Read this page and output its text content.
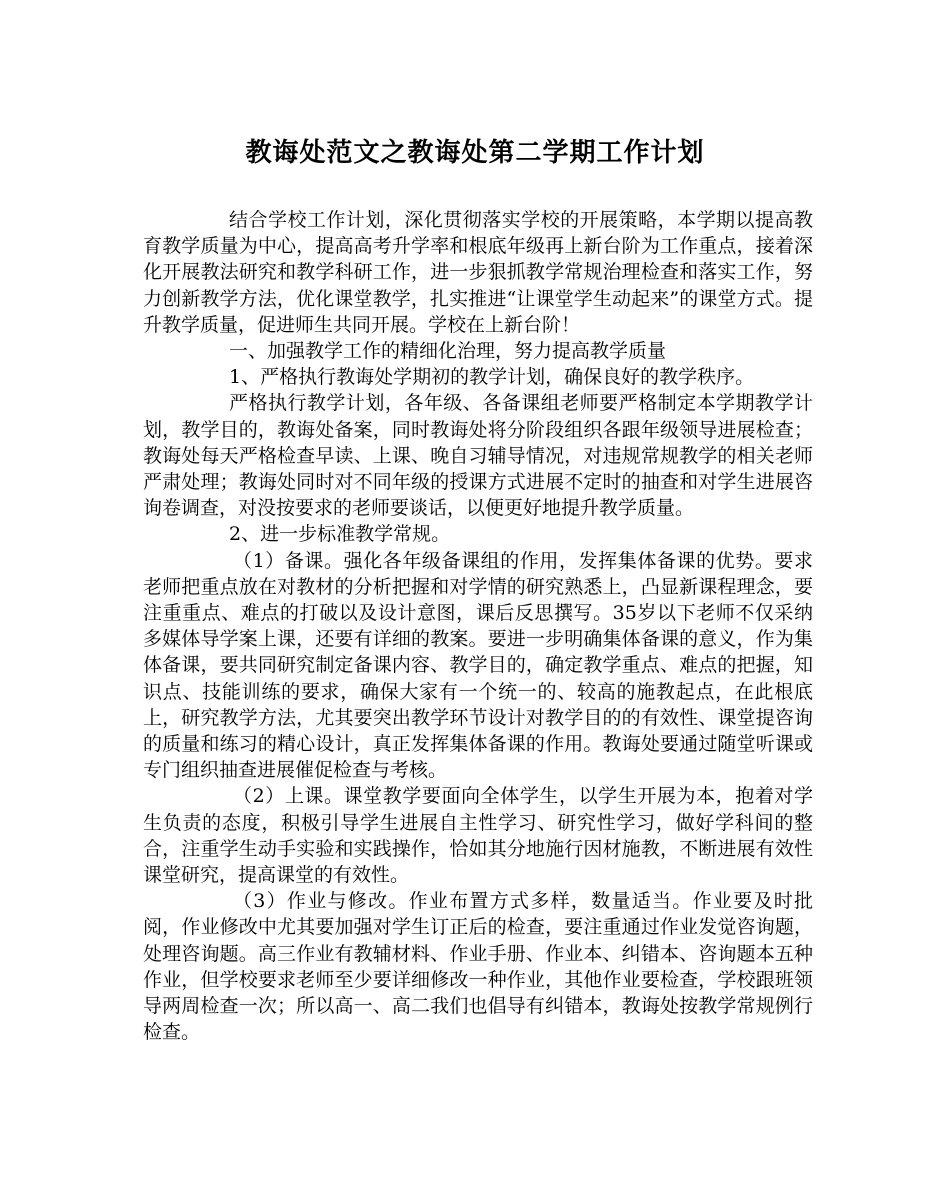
教诲处范文之教诲处第二学期工作计划

结合学校工作计划，深化贯彻落实学校的开展策略，本学期以提高教育教学质量为中心，提高高考升学率和根底年级再上新台阶为工作重点，接着深化开展教法研究和教学科研工作，进一步狠抓教学常规治理检查和落实工作，努力创新教学方法，优化课堂教学，扎实推进“让课堂学生动起来”的课堂方式。提升教学质量，促进师生共同开展。学校在上新台阶！

一、加强教学工作的精细化治理，努力提高教学质量

1、严格执行教诲处学期初的教学计划，确保良好的教学秩序。

严格执行教学计划，各年级、各备课组老师要严格制定本学期教学计划，教学目的，教诲处备案，同时教诲处将分阶段组织各跟年级领导进展检查；教诲处每天严格检查早读、上课、晚自习辅导情况，对违规常规教学的相关老师严肃处理；教诲处同时对不同年级的授课方式进展不定时的抽查和对学生进展咨询卷调查，对没按要求的老师要谈话，以便更好地提升教学质量。

2、进一步标准教学常规。

（1）备课。强化各年级备课组的作用，发挥集体备课的优势。要求老师把重点放在对教材的分析把握和对学情的研究熟悉上，凸显新课程理念，要注重重点、难点的打破以及设计意图，课后反思撰写。35岁以下老师不仅采纳多媒体导学案上课，还要有详细的教案。要进一步明确集体备课的意义，作为集体备课，要共同研究制定备课内容、教学目的，确定教学重点、难点的把握，知识点、技能训练的要求，确保大家有一个统一的、较高的施教起点，在此根底上，研究教学方法，尤其要突出教学环节设计对教学目的的有效性、课堂提咨询的质量和练习的精心设计，真正发挥集体备课的作用。教诲处要通过随堂听课或专门组织抽查进展催促检查与考核。

（2）上课。课堂教学要面向全体学生，以学生开展为本，抱着对学生负责的态度，积极引导学生进展自主性学习、研究性学习，做好学科间的整合，注重学生动手实验和实践操作，恰如其分地施行因材施教，不断进展有效性课堂研究，提高课堂的有效性。

（3）作业与修改。作业布置方式多样，数量适当。作业要及时批阅，作业修改中尤其要加强对学生订正后的检查，要注重通过作业发觉咨询题，处理咨询题。高三作业有教辅材料、作业手册、作业本、纠错本、咨询题本五种作业，但学校要求老师至少要详细修改一种作业，其他作业要检查，学校跟班领导两周检查一次；所以高一、高二我们也倡导有纠错本，教诲处按教学常规例行检查。
